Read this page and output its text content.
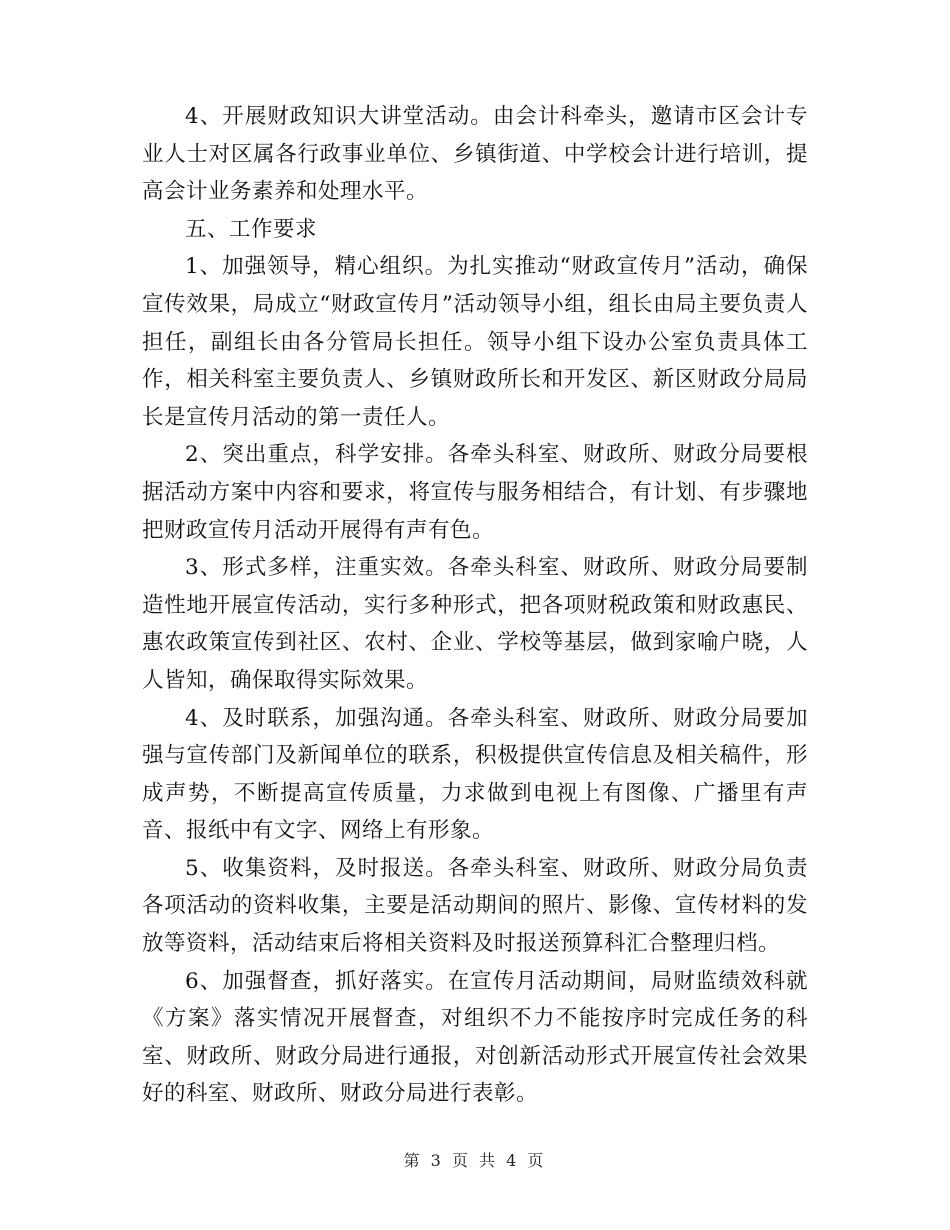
4、开展财政知识大讲堂活动。由会计科牵头，邀请市区会计专业人士对区属各行政事业单位、乡镇街道、中学校会计进行培训，提高会计业务素养和处理水平。

五、工作要求

1、加强领导，精心组织。为扎实推动“财政宣传月”活动，确保宣传效果，局成立“财政宣传月”活动领导小组，组长由局主要负责人担任，副组长由各分管局长担任。领导小组下设办公室负责具体工作，相关科室主要负责人、乡镇财政所长和开发区、新区财政分局局长是宣传月活动的第一责任人。

2、突出重点，科学安排。各牵头科室、财政所、财政分局要根据活动方案中内容和要求，将宣传与服务相结合，有计划、有步骤地把财政宣传月活动开展得有声有色。

3、形式多样，注重实效。各牵头科室、财政所、财政分局要制造性地开展宣传活动，实行多种形式，把各项财税政策和财政惠民、惠农政策宣传到社区、农村、企业、学校等基层，做到家喻户晓，人人皆知，确保取得实际效果。

4、及时联系，加强沟通。各牵头科室、财政所、财政分局要加强与宣传部门及新闻单位的联系，积极提供宣传信息及相关稿件，形成声势，不断提高宣传质量，力求做到电视上有图像、广播里有声音、报纸中有文字、网络上有形象。

5、收集资料，及时报送。各牵头科室、财政所、财政分局负责各项活动的资料收集，主要是活动期间的照片、影像、宣传材料的发放等资料，活动结束后将相关资料及时报送预算科汇合整理归档。

6、加强督查，抓好落实。在宣传月活动期间，局财监绩效科就《方案》落实情况开展督查，对组织不力不能按序时完成任务的科室、财政所、财政分局进行通报，对创新活动形式开展宣传社会效果好的科室、财政所、财政分局进行表彰。

第 3 页 共 4 页
